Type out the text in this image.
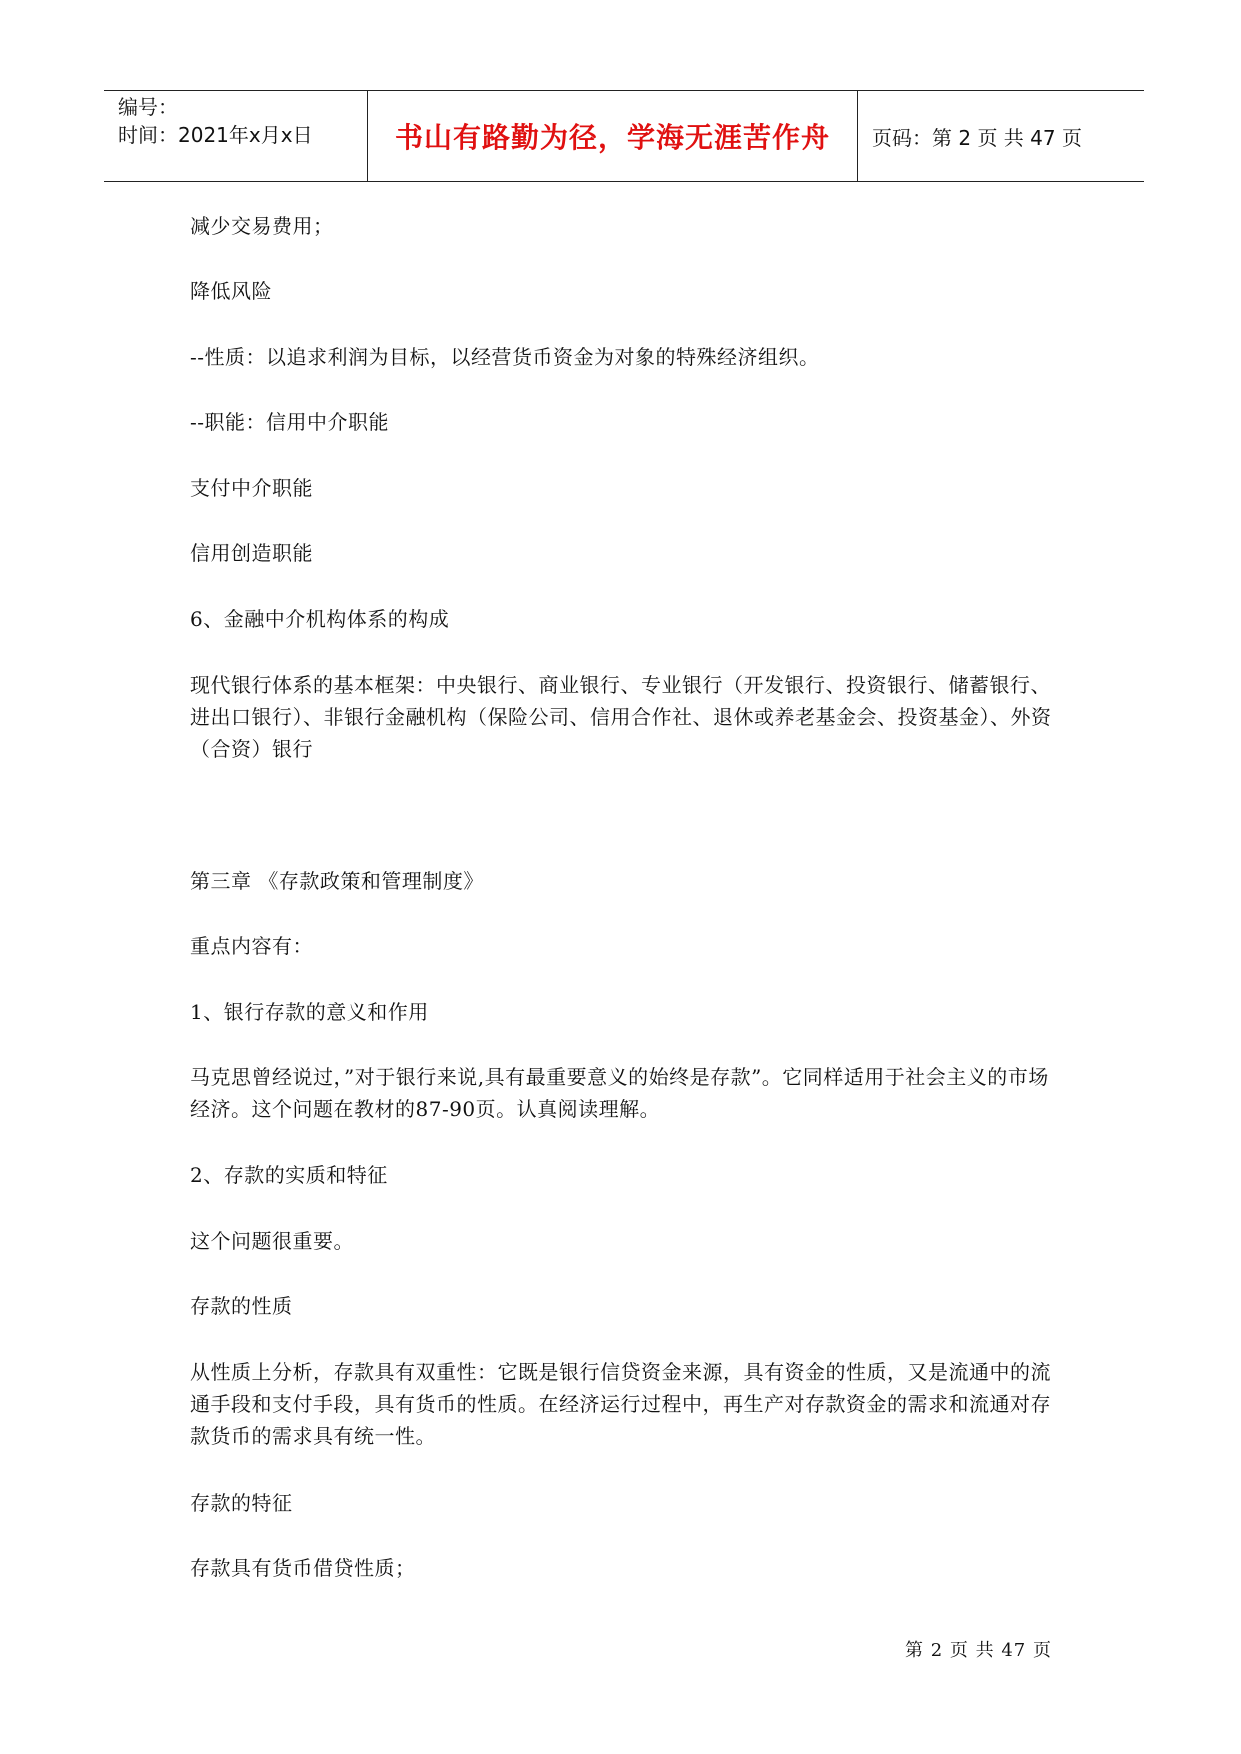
编号：
时间：2021年x月x日	书山有路勤为径，学海无涯苦作舟 页码：第 2 页 共 47 页

减少交易费用；

降低风险

--性质：以追求利润为目标，以经营货币资金为对象的特殊经济组织。

--职能：信用中介职能

支付中介职能

信用创造职能

6、金融中介机构体系的构成

现代银行体系的基本框架：中央银行、商业银行、专业银行（开发银行、投资银行、储蓄银行、进出口银行）、非银行金融机构（保险公司、信用合作社、退休或养老基金会、投资基金）、外资（合资）银行

第三章 《存款政策和管理制度》

重点内容有：

1、银行存款的意义和作用

马克思曾经说过，”对于银行来说,具有最重要意义的始终是存款”。它同样适用于社会主义的市场经济。这个问题在教材的87-90页。认真阅读理解。

2、存款的实质和特征

这个问题很重要。

存款的性质

从性质上分析，存款具有双重性：它既是银行信贷资金来源，具有资金的性质，又是流通中的流通手段和支付手段，具有货币的性质。在经济运行过程中，再生产对存款资金的需求和流通对存款货币的需求具有统一性。

存款的特征

存款具有货币借贷性质；

第 2 页 共 47 页
